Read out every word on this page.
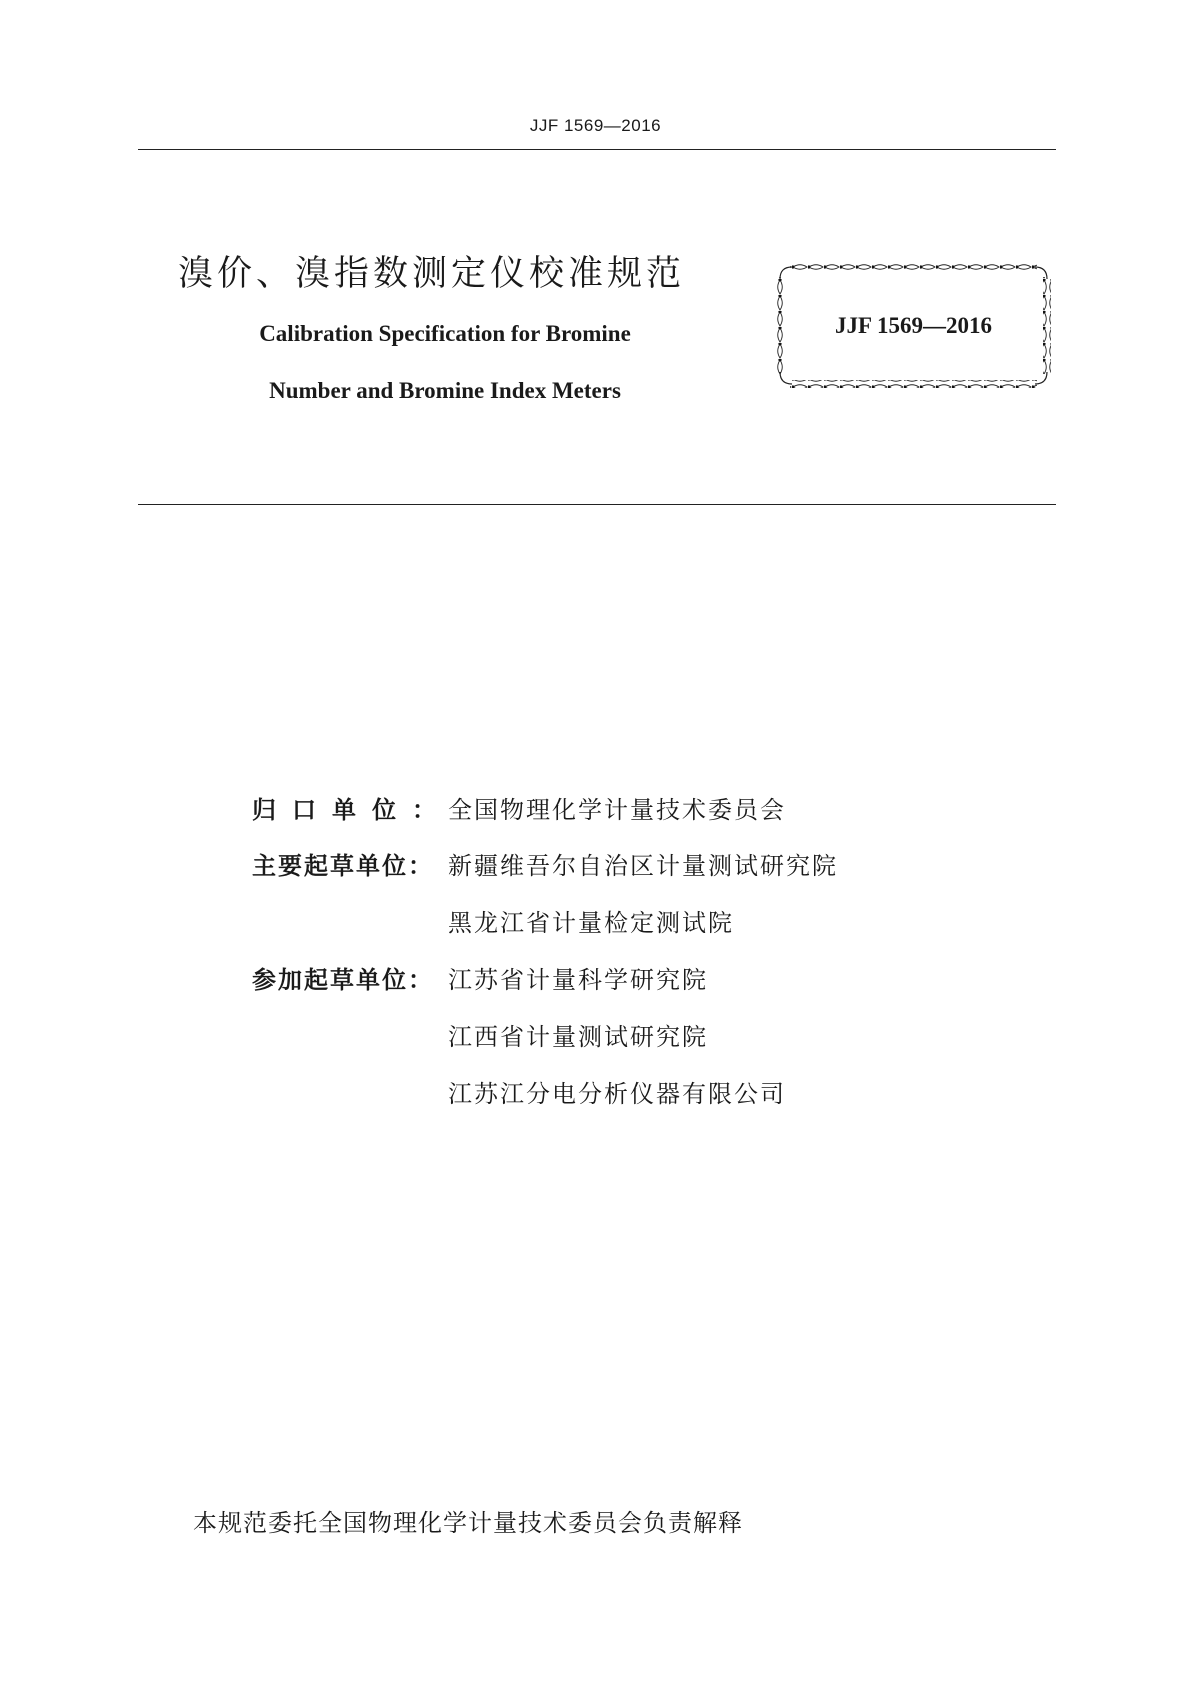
JJF 1569—2016
溴价、溴指数测定仪校准规范
Calibration Specification for Bromine
Number and Bromine Index Meters
JJF 1569—2016
归口单位：
全国物理化学计量技术委员会
主要起草单位： 新疆维吾尔自治区计量测试研究院
黑龙江省计量检定测试院
参加起草单位： 江苏省计量科学研究院
江西省计量测试研究院
江苏江分电分析仪器有限公司
本规范委托全国物理化学计量技术委员会负责解释
